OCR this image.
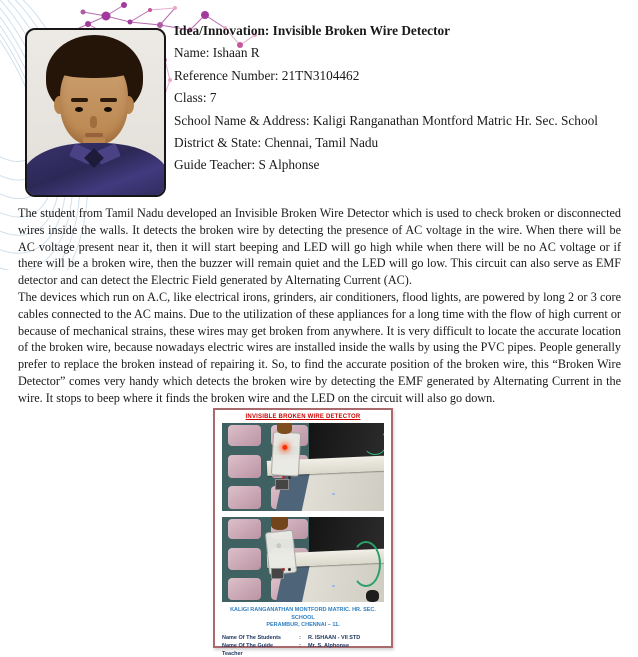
Idea/Innovation: Invisible Broken Wire Detector
Name: Ishaan R
Reference Number: 21TN3104462
Class: 7
School Name & Address: Kaligi Ranganathan Montford Matric Hr. Sec. School
District & State: Chennai, Tamil Nadu
Guide Teacher: S Alphonse

The student from Tamil Nadu developed an Invisible Broken Wire Detector which is used to check broken or disconnected wires inside the walls. It detects the broken wire by detecting the presence of AC voltage in the wire. When there will be AC voltage present near it, then it will start beeping and LED will go high while when there will be no AC voltage or if there will be a broken wire, then the buzzer will remain quiet and the LED will go low. This circuit can also serve as EMF detector and can detect the Electric Field generated by Alternating Current (AC).

The devices which run on A.C, like electrical irons, grinders, air conditioners, flood lights, are powered by long 2 or 3 core cables connected to the AC mains. Due to the utilization of these appliances for a long time with the flow of high current or because of mechanical strains, these wires may get broken from anywhere. It is very difficult to locate the accurate location of the broken wire, because nowadays electric wires are installed inside the walls by using the PVC pipes. People generally prefer to replace the broken instead of repairing it. So, to find the accurate position of the broken wire, this “Broken Wire Detector” comes very handy which detects the broken wire by detecting the EMF generated by Alternating Current in the wire. It stops to beep where it finds the broken wire and the LED on the circuit will also go down.

INVISIBLE BROKEN WIRE DETECTOR
KALIGI RANGANATHAN MONTFORD MATRIC. HR. SEC. SCHOOL
PERAMBUR, CHENNAI – 11.
Name Of The Students	:	R. ISHAAN - VII STD
Name Of The Guide Teacher
:	Mr. S. Alphonse
